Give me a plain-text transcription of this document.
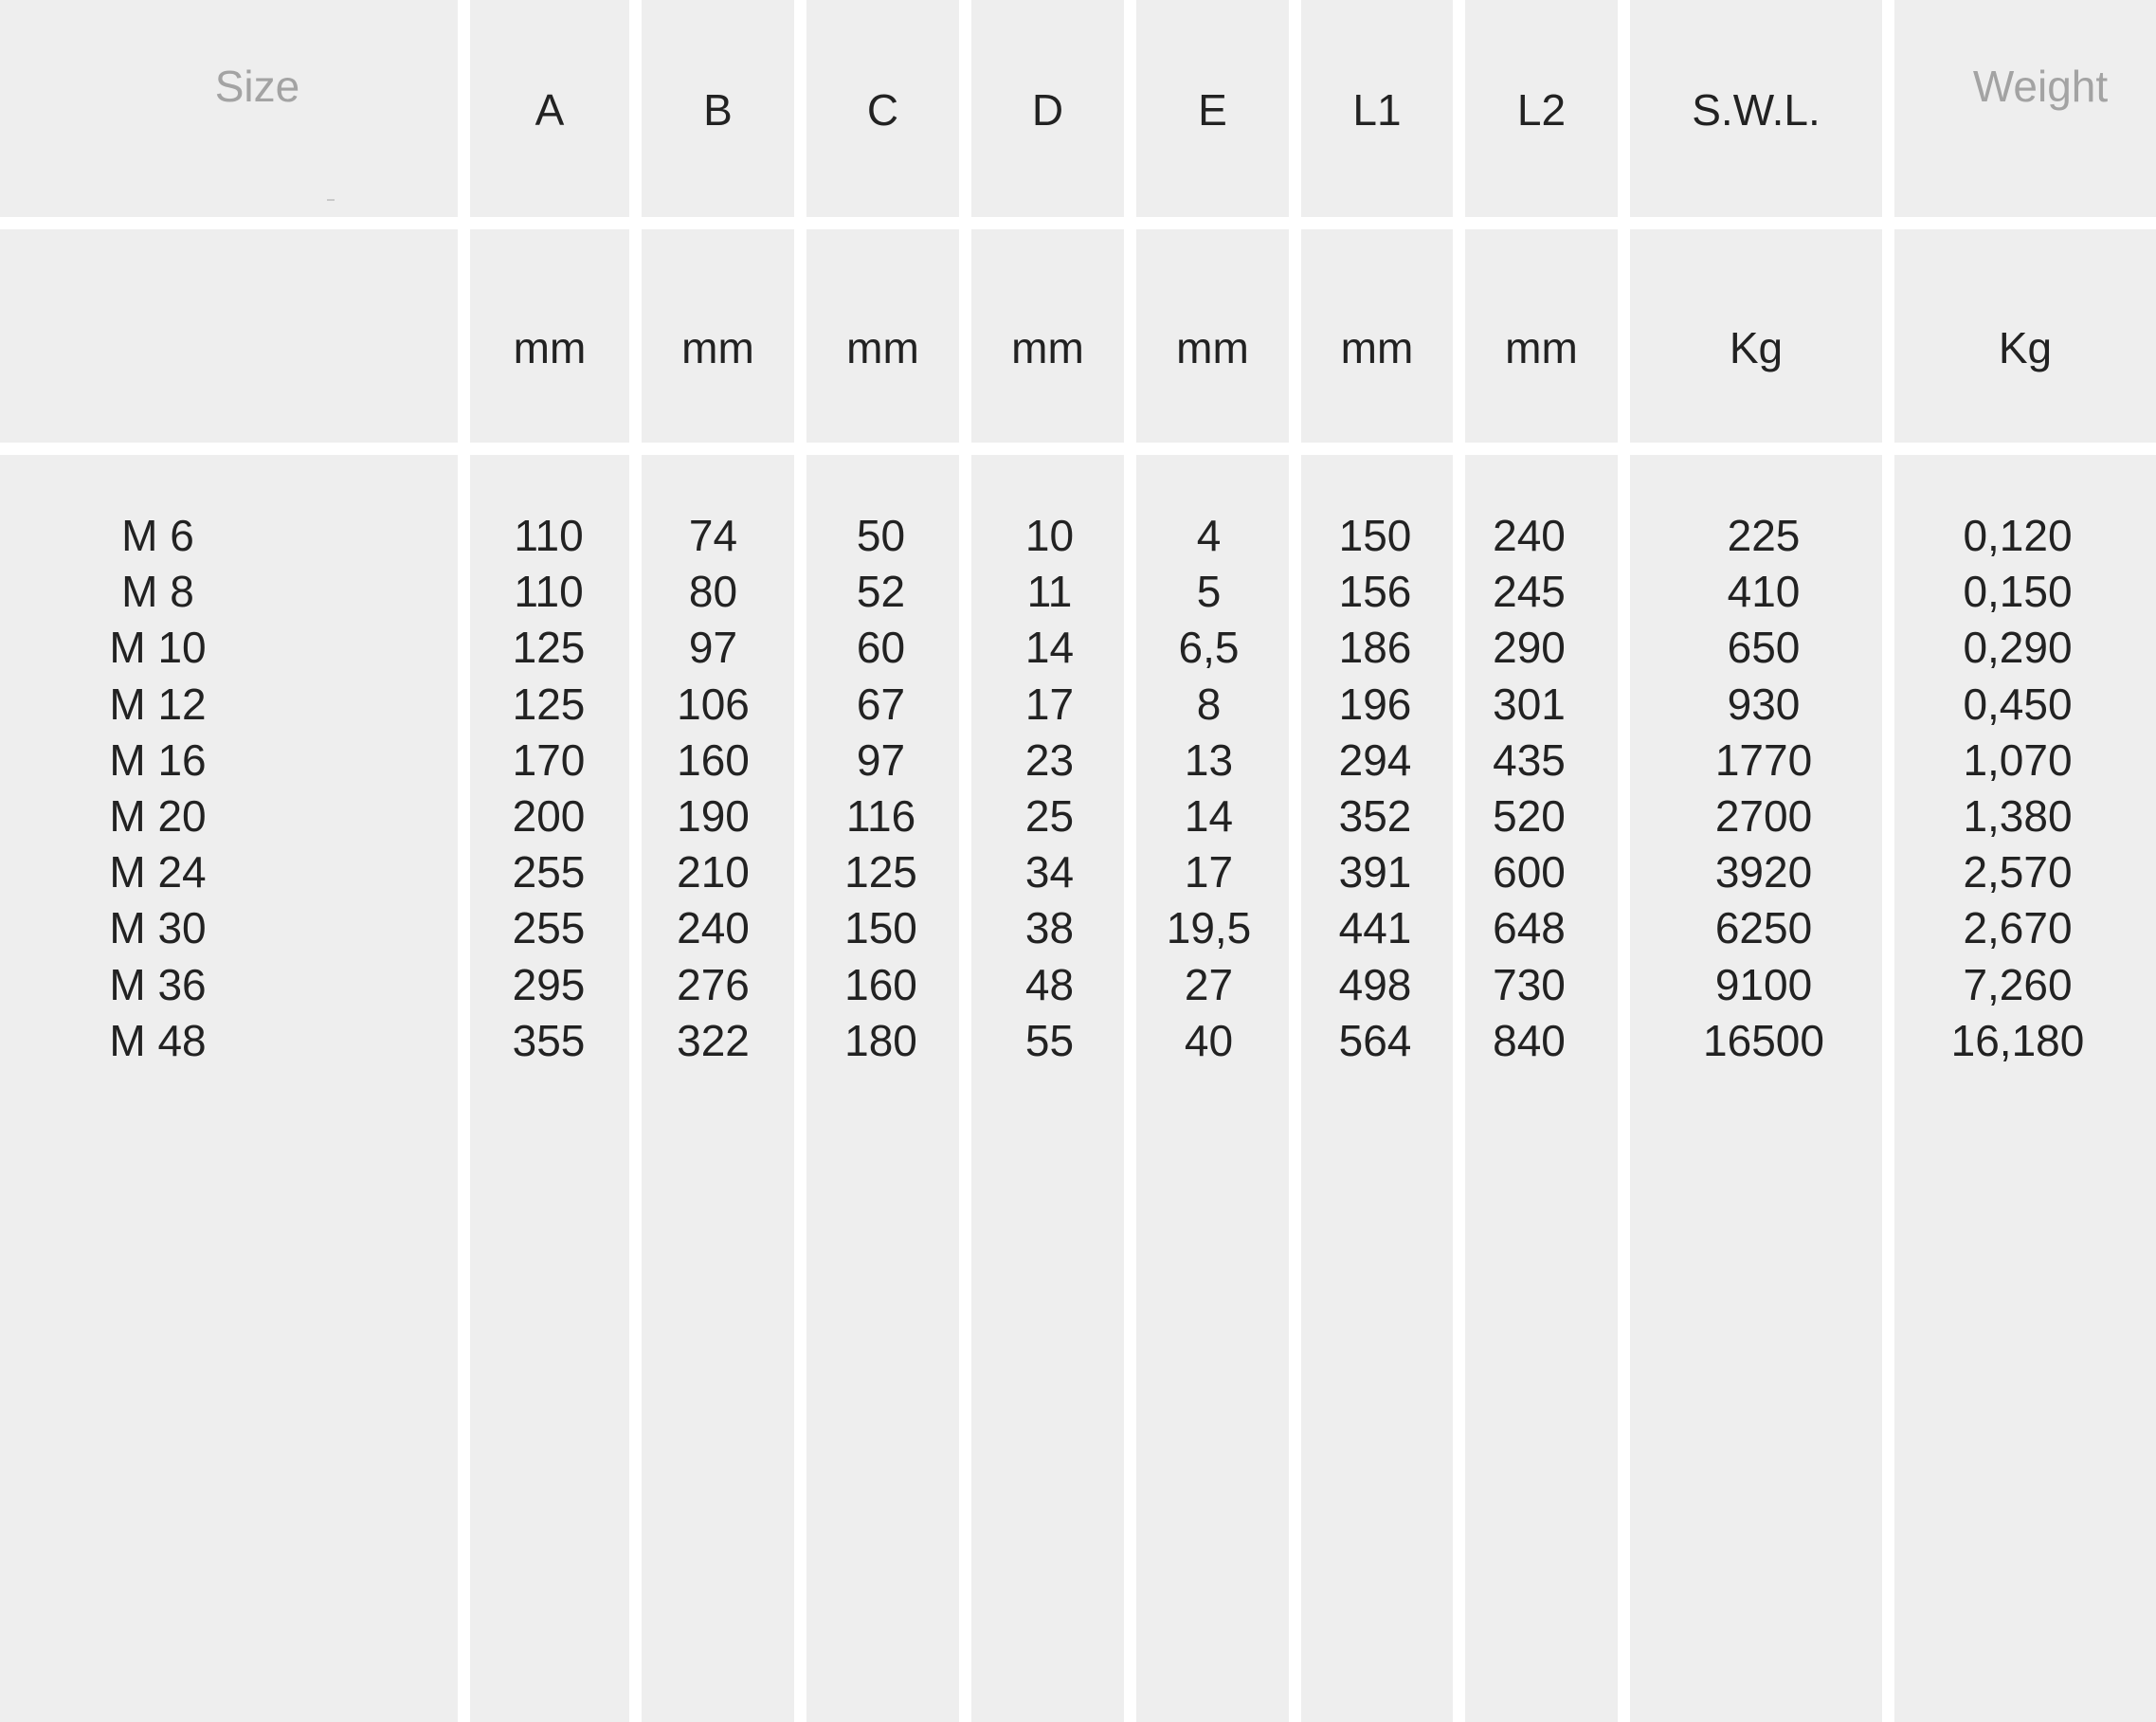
Size
M 6
M 8
M 10
M 12
M 16
M 20
M 24
M 30
M 36
M 48
A
mm
110
110
125
125
170
200
255
255
295
355
B
mm
74
80
97
106
160
190
210
240
276
322
C
mm
50
52
60
67
97
116
125
150
160
180
D
mm
10
11
14
17
23
25
34
38
48
55
E
mm
4
5
6,5
8
13
14
17
19,5
27
40
L1
mm
150
156
186
196
294
352
391
441
498
564
L2
mm
240
245
290
301
435
520
600
648
730
840
S.W.L.
Kg
225
410
650
930
1770
2700
3920
6250
9100
16500
Weight
Kg
0,120
0,150
0,290
0,450
1,070
1,380
2,570
2,670
7,260
16,180
